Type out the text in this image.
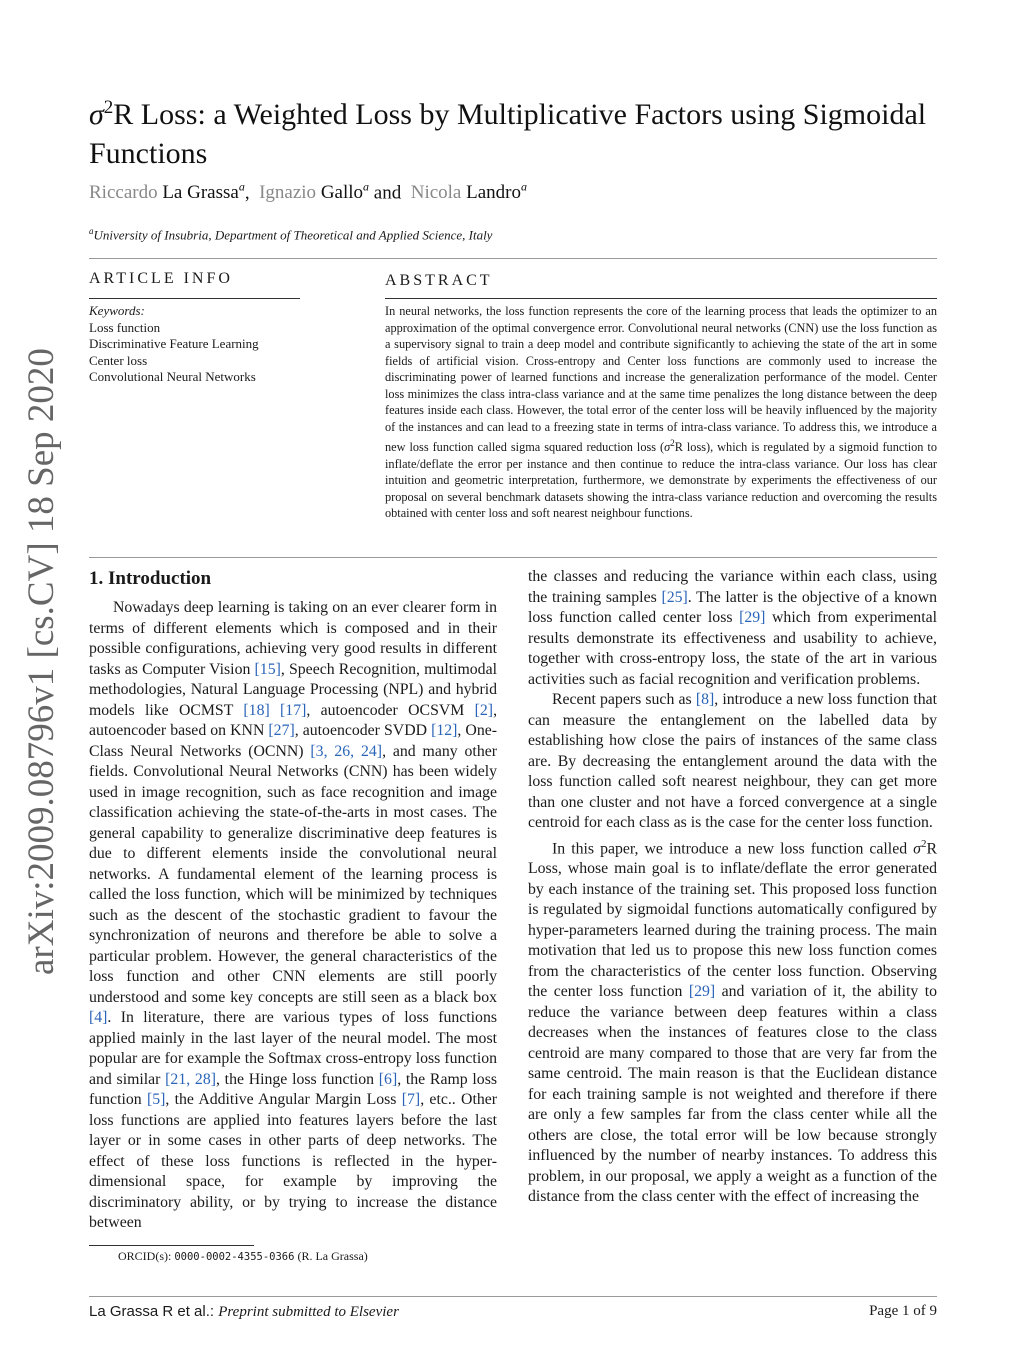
$\sigma^2R$ Loss: a Weighted Loss by Multiplicative Factors using Sigmoidal Functions
Riccardo La Grassa$^a$,  Ignazio Gallo$^a$ and Nicola Landro$^a$
$^a$University of Insubria, Department of Theoretical and Applied Science, Italy
ARTICLE INFO	ABSTRACT
Keywords:
Loss function
Discriminative Feature Learning
Center loss
Convolutional Neural Networks
In neural networks, the loss function represents the core of the learning process that leads the optimizer to an approximation of the optimal convergence error. Convolutional neural networks (CNN) use the loss function as a supervisory signal to train a deep model and contribute significantly to achieving the state of the art in some fields of artificial vision. Cross-entropy and Center loss functions are commonly used to increase the discriminating power of learned functions and increase the generalization performance of the model. Center loss minimizes the class intra-class variance and at the same time penalizes the long distance between the deep features inside each class. However, the total error of the center loss will be heavily influenced by the majority of the instances and can lead to a freezing state in terms of intra-class variance. To address this, we introduce a new loss function called sigma squared reduction loss ($\sigma^2R$ loss), which is regulated by a sigmoid function to inflate/deflate the error per instance and then continue to reduce the intra-class variance. Our loss has clear intuition and geometric interpretation, furthermore, we demonstrate by experiments the effectiveness of our proposal on several benchmark datasets showing the intra-class variance reduction and overcoming the results obtained with center loss and soft nearest neighbour functions.
1. Introduction

Nowadays deep learning is taking on an ever clearer form in terms of different elements which is composed and in their possible configurations, achieving very good results in different tasks as Computer Vision [15], Speech Recognition, multimodal methodologies, Natural Language Processing (NPL) and hybrid models like OCMST [18] [17], autoencoder OCSVM [2], autoencoder based on KNN [27], autoencoder SVDD [12], One-Class Neural Networks (OCNN) [3, 26, 24], and many other fields. Convolutional Neural Networks (CNN) has been widely used in image recognition, such as face recognition and image classification achieving the state-of-the-arts in most cases. The general capability to generalize discriminative deep features is due to different elements inside the convolutional neural networks. A fundamental element of the learning process is called the loss function, which will be minimized by techniques such as the descent of the stochastic gradient to favour the synchronization of neurons and therefore be able to solve a particular problem. However, the general characteristics of the loss function and other CNN elements are still poorly understood and some key concepts are still seen as a black box [4]. In literature, there are various types of loss functions applied mainly in the last layer of the neural model. The most popular are for example the Softmax cross-entropy loss function and similar [21, 28], the Hinge loss function [6], the Ramp loss function [5], the Additive Angular Margin Loss [7], etc.. Other loss functions are applied into features layers before the last layer or in some cases in other parts of deep networks. The effect of these loss functions is reflected in the hyper-dimensional space, for example by improving the discriminatory ability, or by trying to increase the distance between

the classes and reducing the variance within each class, using the training samples [25]. The latter is the objective of a known loss function called center loss [29] which from experimental results demonstrate its effectiveness and usability to achieve, together with cross-entropy loss, the state of the art in various activities such as facial recognition and verification problems.

Recent papers such as [8], introduce a new loss function that can measure the entanglement on the labelled data by establishing how close the pairs of instances of the same class are. By decreasing the entanglement around the data with the loss function called soft nearest neighbour, they can get more than one cluster and not have a forced convergence at a single centroid for each class as is the case for the center loss function.

In this paper, we introduce a new loss function called $\sigma^2R$ Loss, whose main goal is to inflate/deflate the error generated by each instance of the training set. This proposed loss function is regulated by sigmoidal functions automatically configured by hyper-parameters learned during the training process. The main motivation that led us to propose this new loss function comes from the characteristics of the center loss function. Observing the center loss function [29] and variation of it, the ability to reduce the variance between deep features within a class decreases when the instances of features close to the class centroid are many compared to those that are very far from the same centroid. The main reason is that the Euclidean distance for each training sample is not weighted and therefore if there are only a few samples far from the class center while all the others are close, the total error will be low because strongly influenced by the number of nearby instances. To address this problem, in our proposal, we apply a weight as a function of the distance from the class center with the effect of increasing the

arXiv:2009.08796v1 [cs.CV] 18 Sep 2020
ORCID(s): 0000-0002-4355-0366 (R. La Grassa)
La Grassa R et al.: Preprint submitted to Elsevier	Page 1 of 9
